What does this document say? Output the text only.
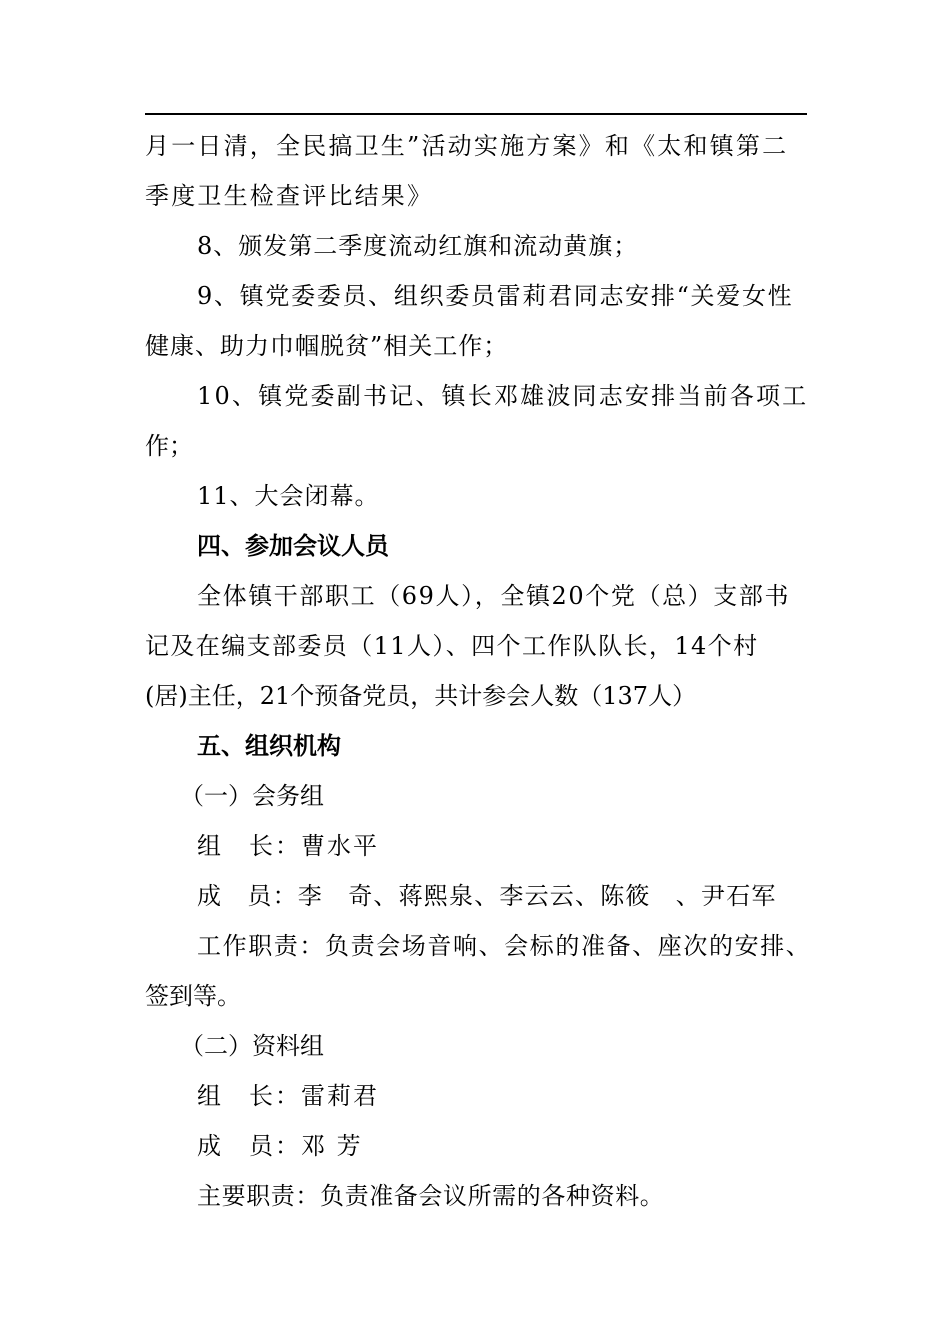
月一日清，全民搞卫生”活动实施方案》和《太和镇第二
季度卫生检查评比结果》
8、颁发第二季度流动红旗和流动黄旗；
9、镇党委委员、组织委员雷莉君同志安排“关爱女性
健康、助力巾帼脱贫”相关工作；
10、镇党委副书记、镇长邓雄波同志安排当前各项工
作；
11、大会闭幕。
四、参加会议人员
全体镇干部职工（69人），全镇20个党（总）支部书
记及在编支部委员（11人）、四个工作队队长，14个村
(居)主任，21个预备党员，共计参会人数（137人）
五、组织机构
（一）会务组
组　长：曹水平
成　员：李　奇、蒋熙泉、李云云、陈筱　、尹石军
工作职责：负责会场音响、会标的准备、座次的安排、
签到等。
（二）资料组
组　长：雷莉君
成　员：邓 芳
主要职责：负责准备会议所需的各种资料。
